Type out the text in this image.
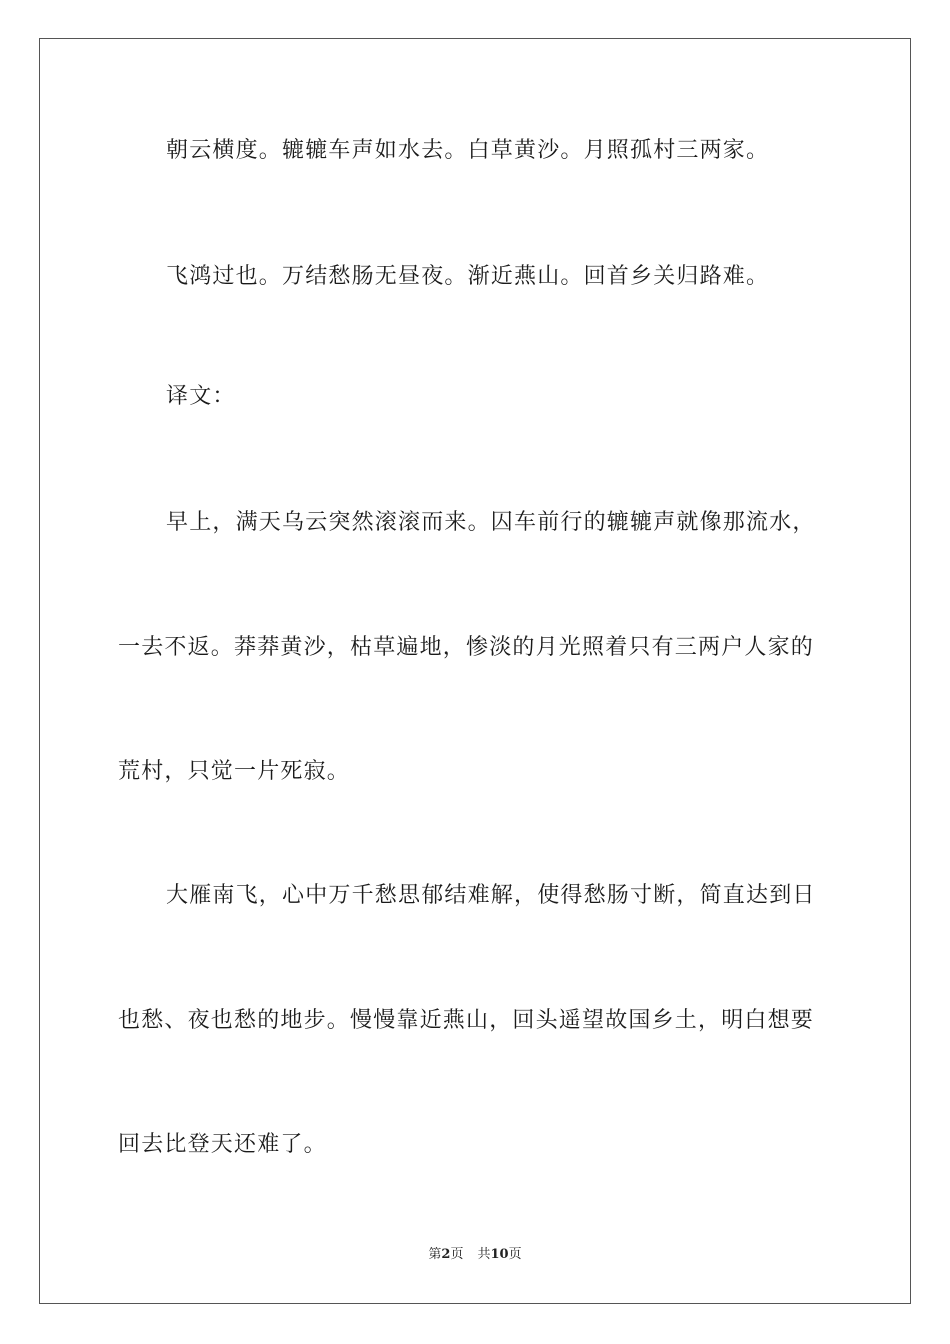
朝云横度。辘辘车声如水去。白草黄沙。月照孤村三两家。
飞鸿过也。万结愁肠无昼夜。渐近燕山。回首乡关归路难。
译文：
早上，满天乌云突然滚滚而来。囚车前行的辘辘声就像那流水，
一去不返。莽莽黄沙，枯草遍地，惨淡的月光照着只有三两户人家的
荒村，只觉一片死寂。
大雁南飞，心中万千愁思郁结难解，使得愁肠寸断，简直达到日
也愁、夜也愁的地步。慢慢靠近燕山，回头遥望故国乡土，明白想要
回去比登天还难了。
第2页 共10页
